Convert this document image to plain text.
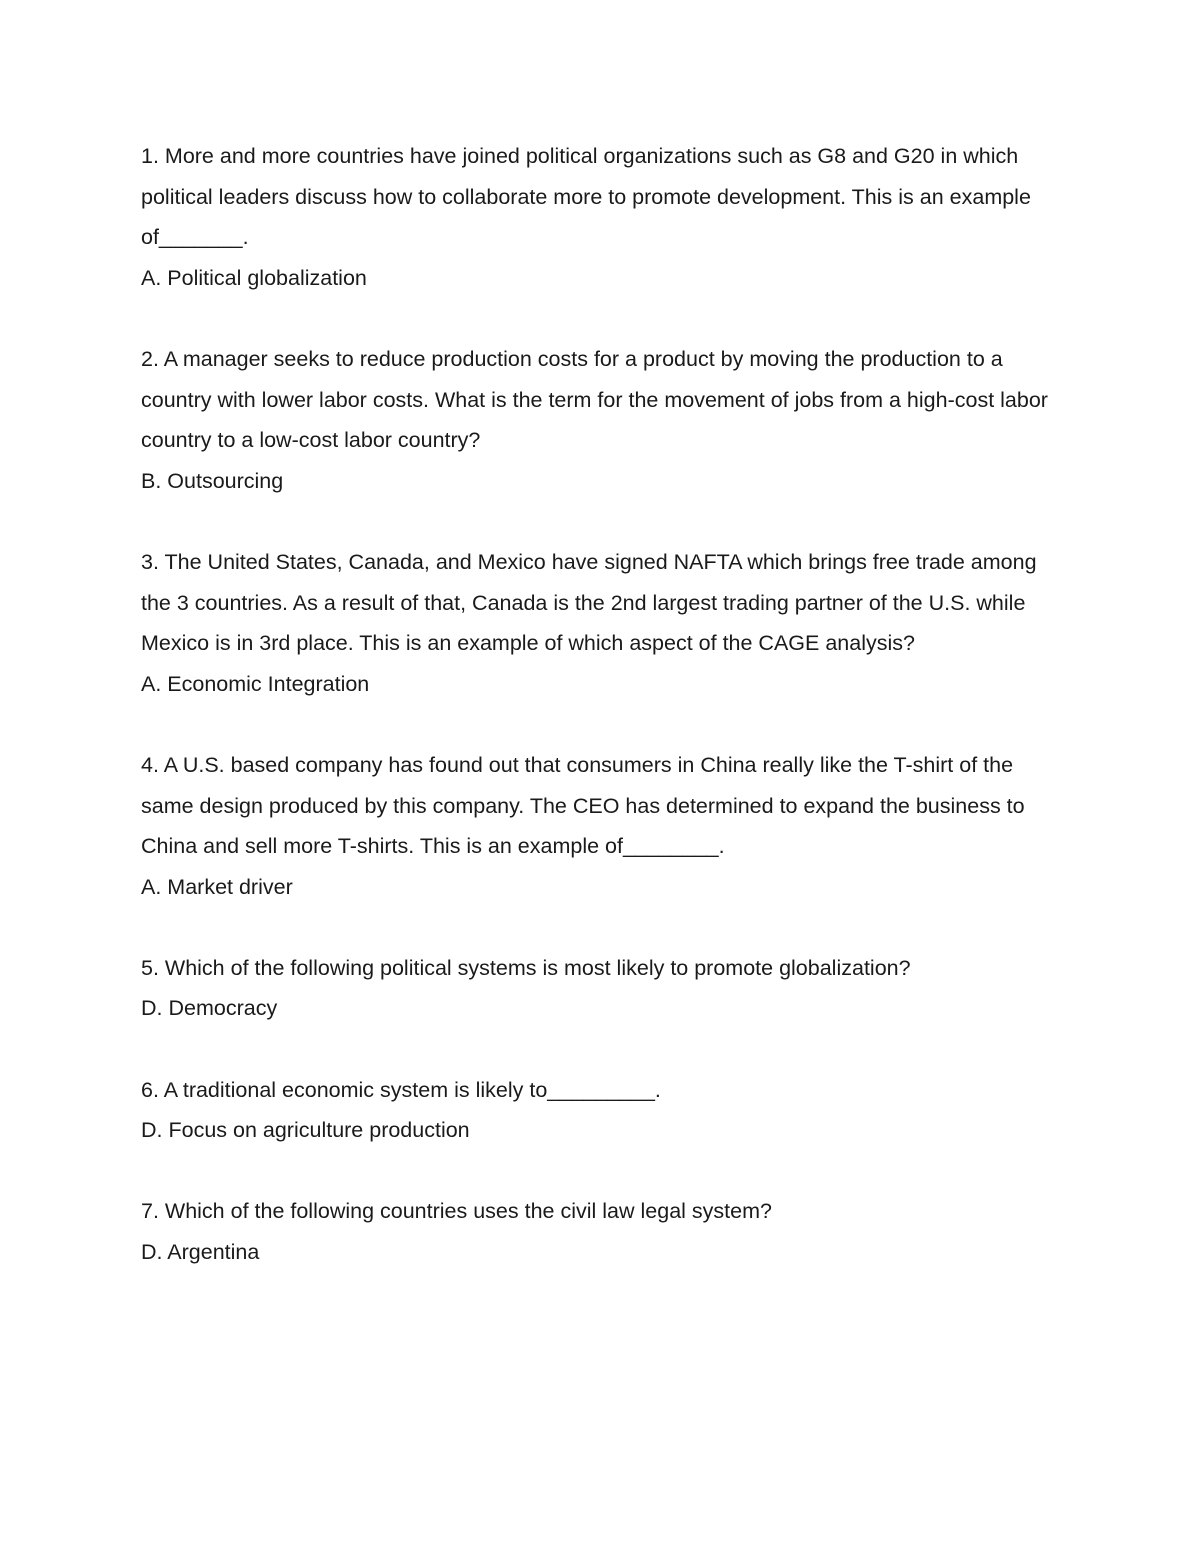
1. More and more countries have joined political organizations such as G8 and G20 in which political leaders discuss how to collaborate more to promote development. This is an example of_______.

A. Political globalization

2. A manager seeks to reduce production costs for a product by moving the production to a country with lower labor costs. What is the term for the movement of jobs from a high-cost labor country to a low-cost labor country?

B. Outsourcing

3. The United States, Canada, and Mexico have signed NAFTA which brings free trade among the 3 countries. As a result of that, Canada is the 2nd largest trading partner of the U.S. while Mexico is in 3rd place. This is an example of which aspect of the CAGE analysis?

A. Economic Integration

4. A U.S. based company has found out that consumers in China really like the T-shirt of the same design produced by this company. The CEO has determined to expand the business to China and sell more T-shirts. This is an example of________.

A. Market driver

5. Which of the following political systems is most likely to promote globalization?

D. Democracy

6. A traditional economic system is likely to_________.

D. Focus on agriculture production

7. Which of the following countries uses the civil law legal system?

D. Argentina
